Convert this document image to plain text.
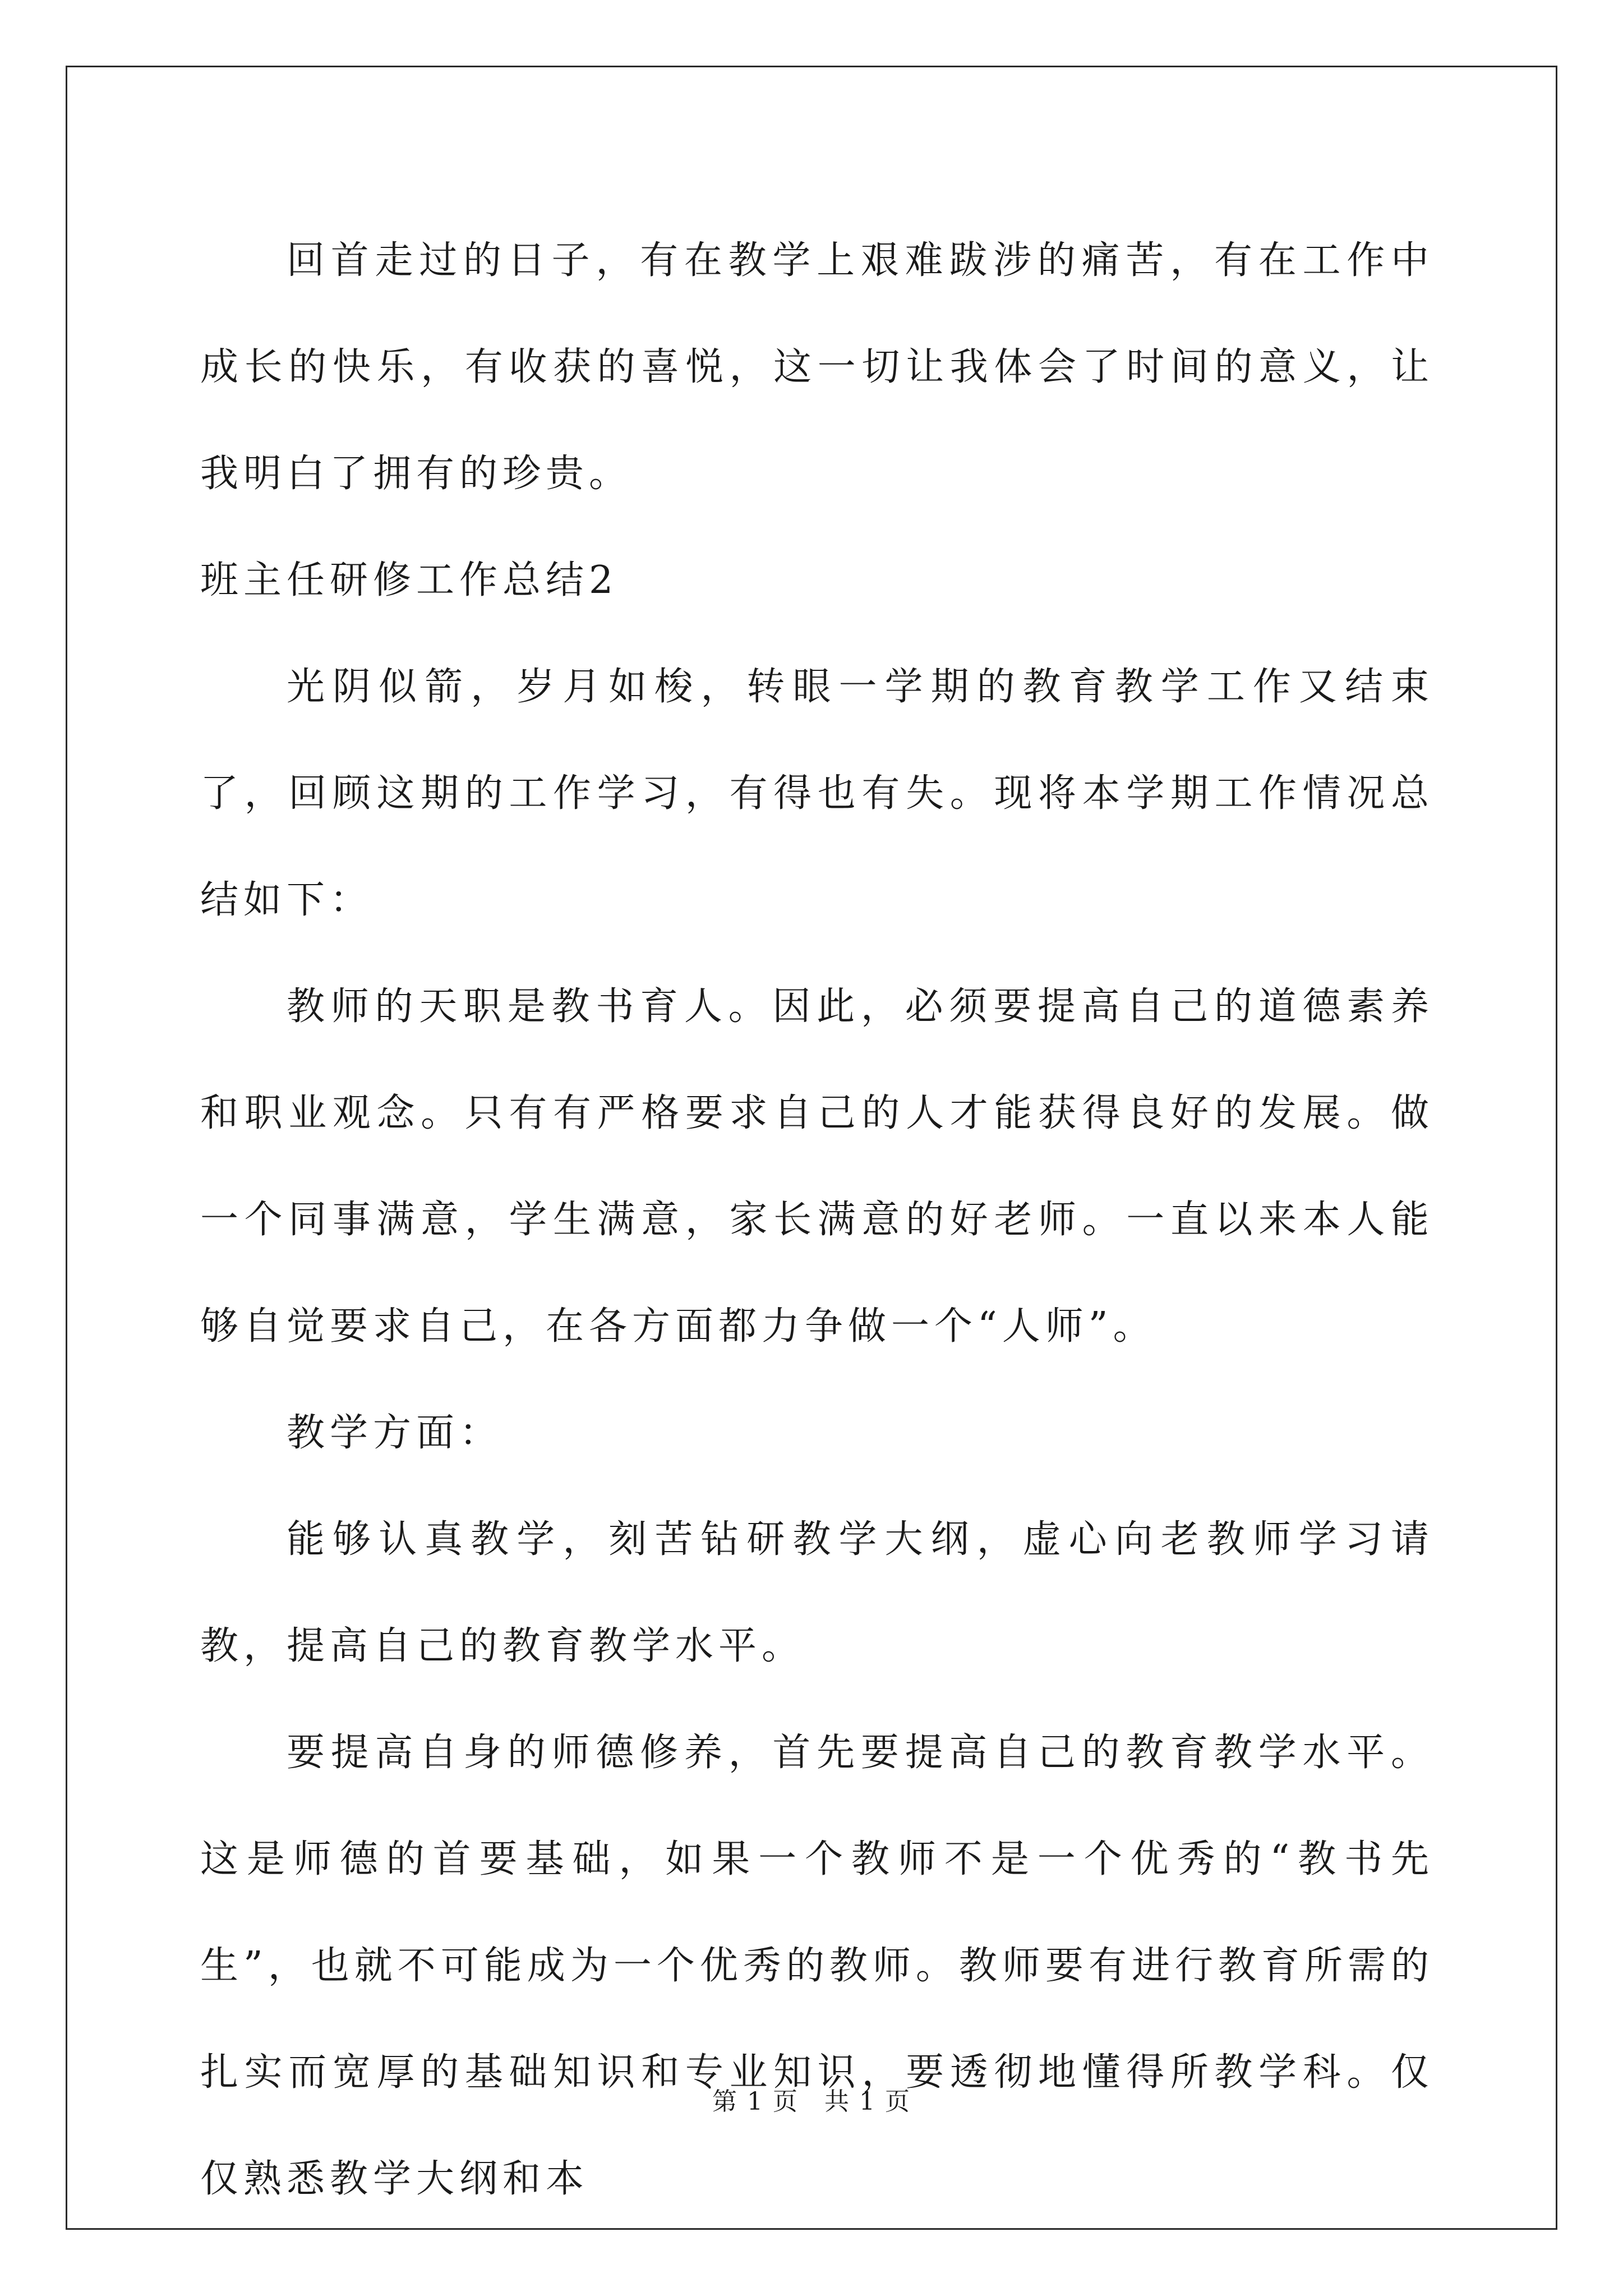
回首走过的日子，有在教学上艰难跋涉的痛苦，有在工作中成长的快乐，有收获的喜悦，这一切让我体会了时间的意义，让我明白了拥有的珍贵。

班主任研修工作总结2

光阴似箭，岁月如梭，转眼一学期的教育教学工作又结束了，回顾这期的工作学习，有得也有失。现将本学期工作情况总结如下：

教师的天职是教书育人。因此，必须要提高自己的道德素养和职业观念。只有有严格要求自己的人才能获得良好的发展。做一个同事满意，学生满意，家长满意的好老师。一直以来本人能够自觉要求自己，在各方面都力争做一个“人师”。

教学方面：

能够认真教学，刻苦钻研教学大纲，虚心向老教师学习请教，提高自己的教育教学水平。

要提高自身的师德修养，首先要提高自己的教育教学水平。这是师德的首要基础，如果一个教师不是一个优秀的“教书先生”，也就不可能成为一个优秀的教师。教师要有进行教育所需的扎实而宽厚的基础知识和专业知识，要透彻地懂得所教学科。仅仅熟悉教学大纲和本

第 1 页　共 1 页
